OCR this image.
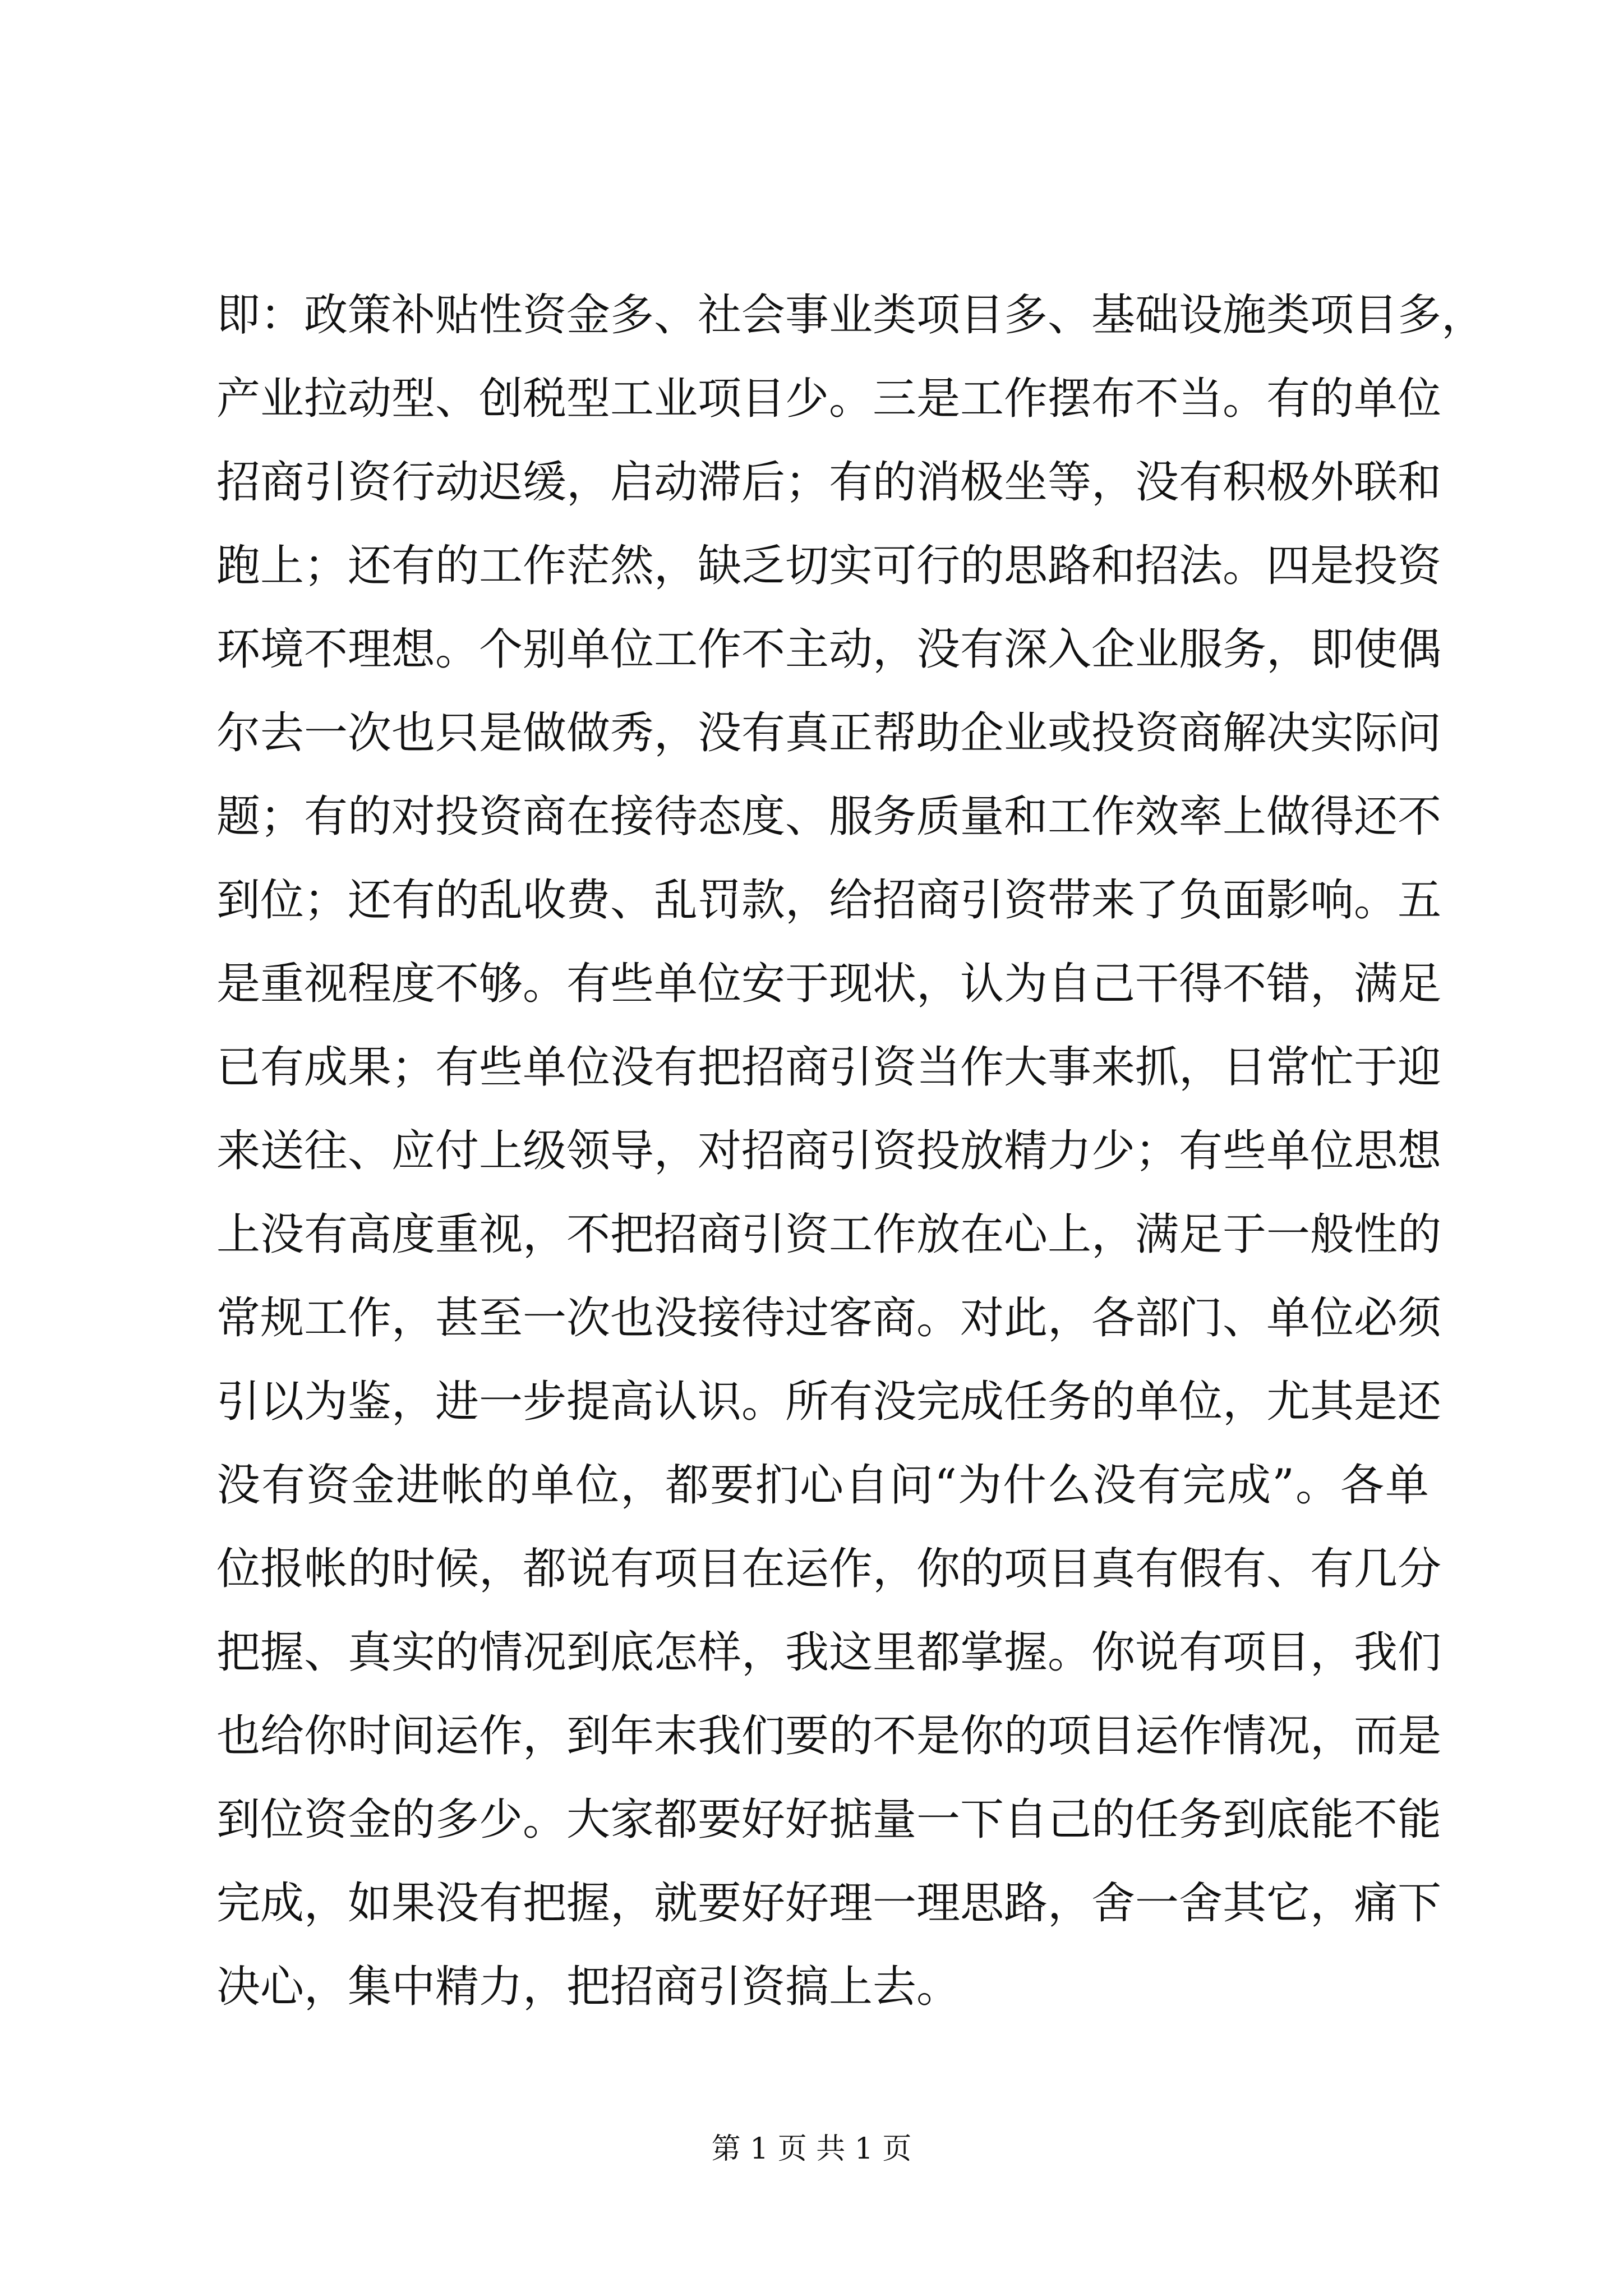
即：政策补贴性资金多、社会事业类项目多、基础设施类项目多，
产业拉动型、创税型工业项目少。三是工作摆布不当。有的单位
招商引资行动迟缓，启动滞后；有的消极坐等，没有积极外联和
跑上；还有的工作茫然，缺乏切实可行的思路和招法。四是投资
环境不理想。个别单位工作不主动，没有深入企业服务，即使偶
尔去一次也只是做做秀，没有真正帮助企业或投资商解决实际问
题；有的对投资商在接待态度、服务质量和工作效率上做得还不
到位；还有的乱收费、乱罚款，给招商引资带来了负面影响。五
是重视程度不够。有些单位安于现状，认为自己干得不错，满足
已有成果；有些单位没有把招商引资当作大事来抓，日常忙于迎
来送往、应付上级领导，对招商引资投放精力少；有些单位思想
上没有高度重视，不把招商引资工作放在心上，满足于一般性的
常规工作，甚至一次也没接待过客商。对此，各部门、单位必须
引以为鉴，进一步提高认识。所有没完成任务的单位，尤其是还
没有资金进帐的单位，都要扪心自问“为什么没有完成”。各单
位报帐的时候，都说有项目在运作，你的项目真有假有、有几分
把握、真实的情况到底怎样，我这里都掌握。你说有项目，我们
也给你时间运作，到年末我们要的不是你的项目运作情况，而是
到位资金的多少。大家都要好好掂量一下自己的任务到底能不能
完成，如果没有把握，就要好好理一理思路，舍一舍其它，痛下
决心，集中精力，把招商引资搞上去。
第 1 页 共 1 页
